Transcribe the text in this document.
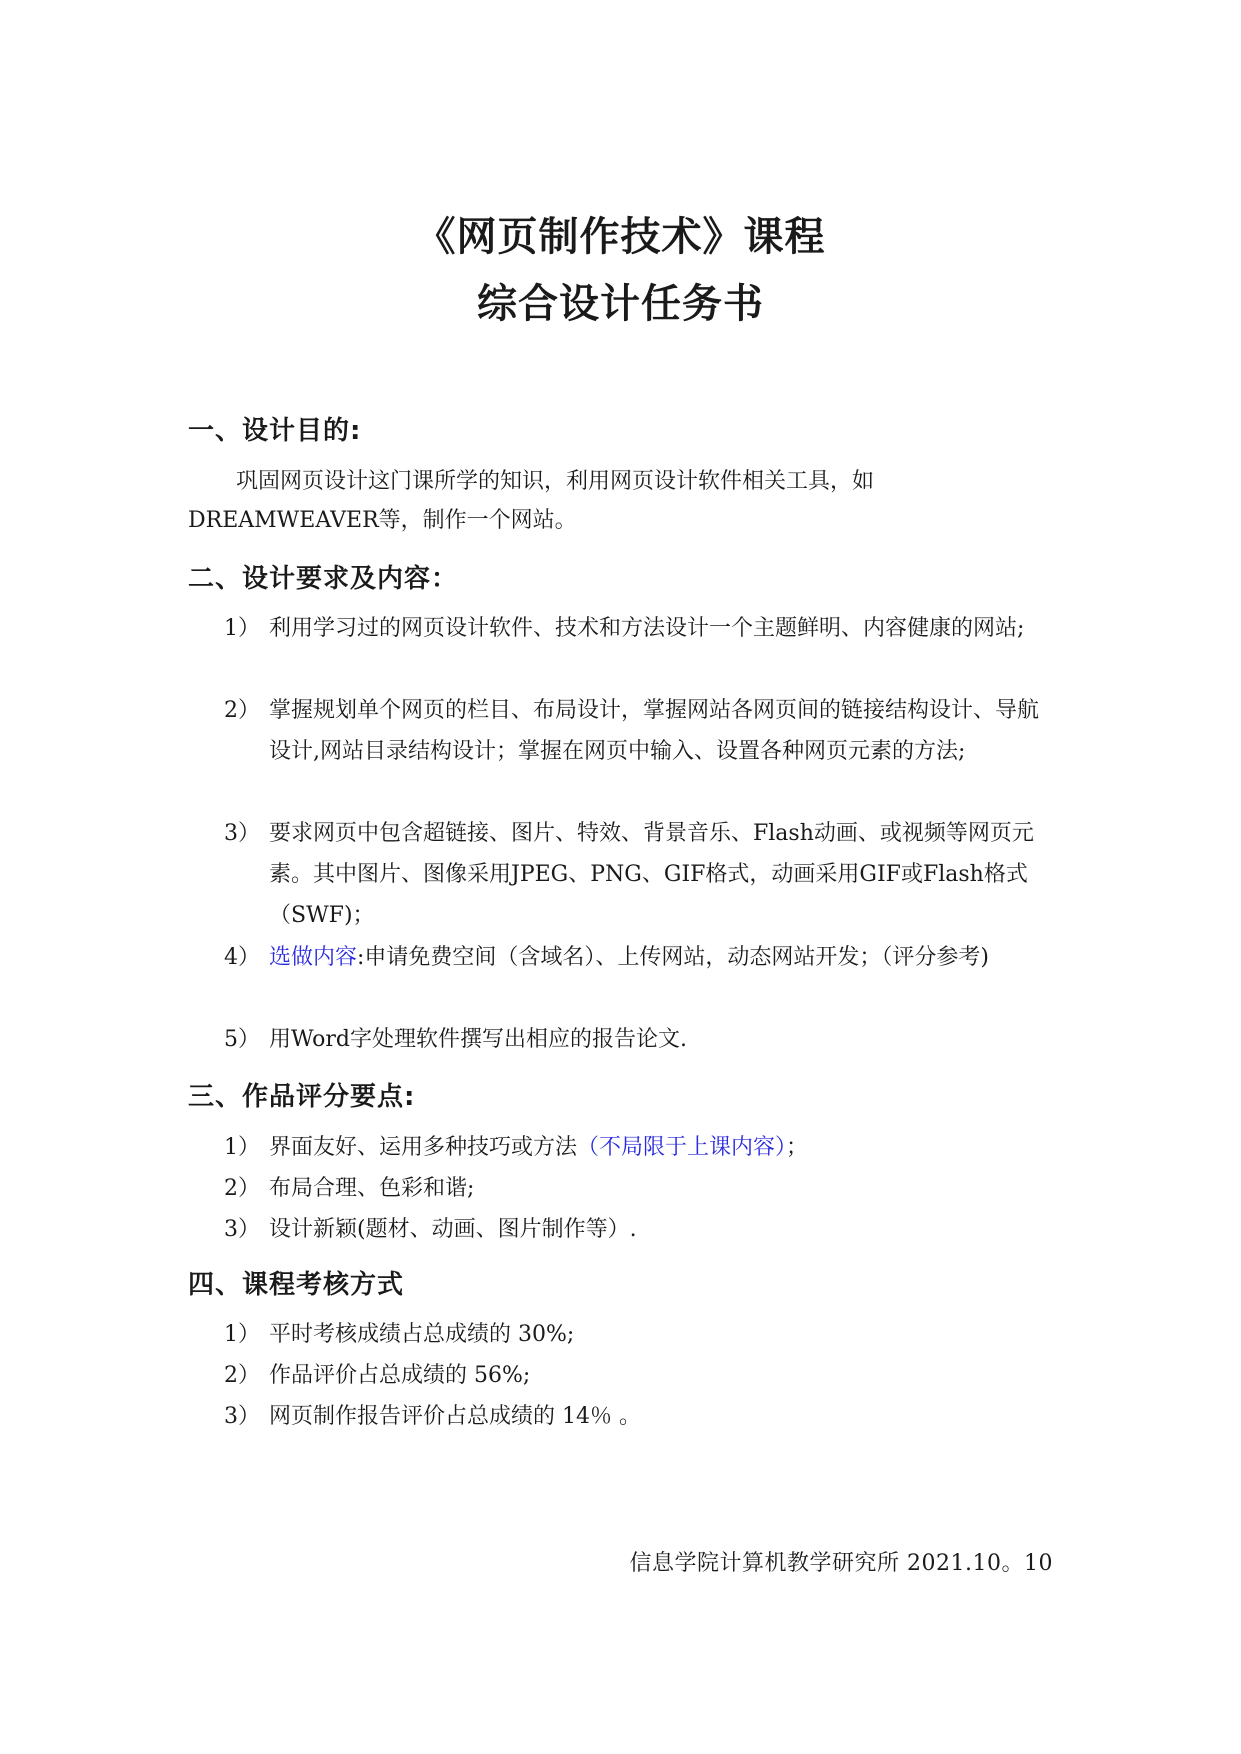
《网页制作技术》课程
综合设计任务书
一、设计目的:
巩固网页设计这门课所学的知识，利用网页设计软件相关工具，如
DREAMWEAVER等，制作一个网站。
二、设计要求及内容：
1） 利用学习过的网页设计软件、技术和方法设计一个主题鲜明、内容健康的网站;
2） 掌握规划单个网页的栏目、布局设计，掌握网站各网页间的链接结构设计、导航设计,网站目录结构设计；掌握在网页中输入、设置各种网页元素的方法;
3） 要求网页中包含超链接、图片、特效、背景音乐、Flash动画、或视频等网页元素。其中图片、图像采用JPEG、PNG、GIF格式，动画采用GIF或Flash格式（SWF)；
4） 选做内容:申请免费空间（含域名）、上传网站，动态网站开发；（评分参考)
5） 用Word字处理软件撰写出相应的报告论文.
三、作品评分要点:
1） 界面友好、运用多种技巧或方法（不局限于上课内容）；
2） 布局合理、色彩和谐;
3） 设计新颖(题材、动画、图片制作等）.
四、课程考核方式
1） 平时考核成绩占总成绩的 30%;
2） 作品评价占总成绩的 56%;
3） 网页制作报告评价占总成绩的 14％ 。
信息学院计算机教学研究所 2021.10。10
